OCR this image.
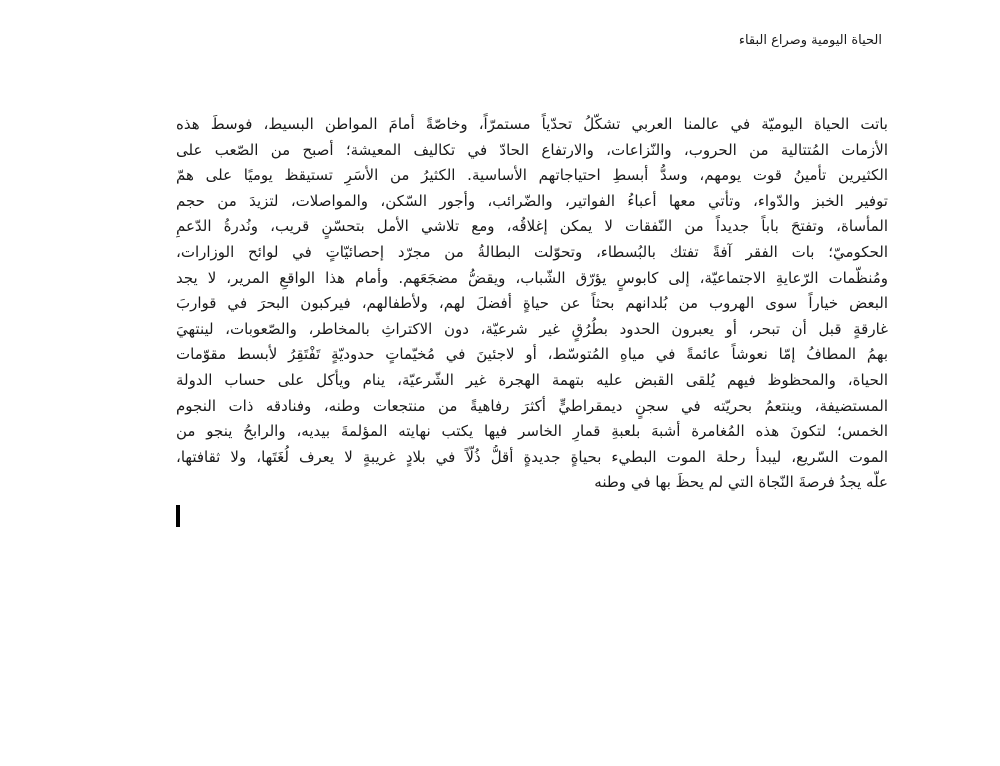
الحياة اليومية وصراع البقاء
باتت الحياة اليوميّة في عالمنا العربي تشكّلُ تحدّياً مستمرّاً، وخاصّةً أمامَ المواطن البسيط، فوسطَ هذه
الأزمات المُتتالية من الحروب، والنّزاعات، والارتفاع الحادّ في تكاليف المعيشة؛ أصبح من الصّعب على
الكثيرين تأمينُ قوت يومهم، وسدُّ أبسطِ احتياجاتهم الأساسية. الكثيرُ من الأسَرِ تستيقظ يوميًا على همّ
توفير الخبز والدّواء، وتأتي معها أعباءُ الفواتير، والضّرائب، وأجور السّكن، والمواصلات، لتزيدَ من حجم
المأساة، وتفتحَ باباً جديداً من النّفقات لا يمكن إغلاقُه، ومع تلاشي الأمل بتحسّنٍ قريب، ونُدرةُ الدّعمِ
الحكوميّ؛ بات الفقر آفةً تفتك بالبُسطاء، وتحوّلت البطالةُ من مجرّد إحصائيّاتٍ في لوائح الوزارات،
ومُنظّمات الرّعايةِ الاجتماعيّة، إلى كابوسٍ يؤرّق الشّباب، ويقضُّ مضجَعَهم. وأمام هذا الواقعِ المرير، لا يجد
البعض خياراً سوى الهروب من بُلدانهم بحثاً عن حياةٍ أفضلَ لهم، ولأطفالهم، فيركبون البحرَ في قواربَ
غارقةٍ قبل أن تبحر، أو يعبرون الحدود بطُرُقٍ غير شرعيّة، دون الاكتراثِ بالمخاطر، والصّعوبات، لينتهيَ
بهمُ المطافُ إمّا نعوشاً عائمةً في مياهِ المُتوسّط، أو لاجئينَ في مُخيّماتٍ حدوديّةٍ تَفْتَقِرُ لأبسط مقوّمات
الحياة، والمحظوظ فيهم يُلقى القبض عليه بتهمة الهجرة غير الشّرعيّة، ينام ويأكل على حساب الدولة
المستضيفة، وينتعمُ بحريّته في سجنٍ ديمقراطيٍّ أكثرَ رفاهيةً من منتجعات وطنه، وفنادقه ذات النجوم
الخمس؛ لتكونَ هذه المُغامرة أشبهَ بلعبةِ قمارِ الخاسر فيها يكتب نهايته المؤلمةَ بيديه، والرابحُ ينجو من
الموت السّريع، ليبدأ رحلة الموت البطيء بحياةٍ جديدةٍ أقلُّ ذُلّاً في بلادٍ غريبةٍ لا يعرف لُغَتَها، ولا ثقافتها،
علّه يجدُ فرصةَ النّجاة التي لم يحظَ بها في وطنه
